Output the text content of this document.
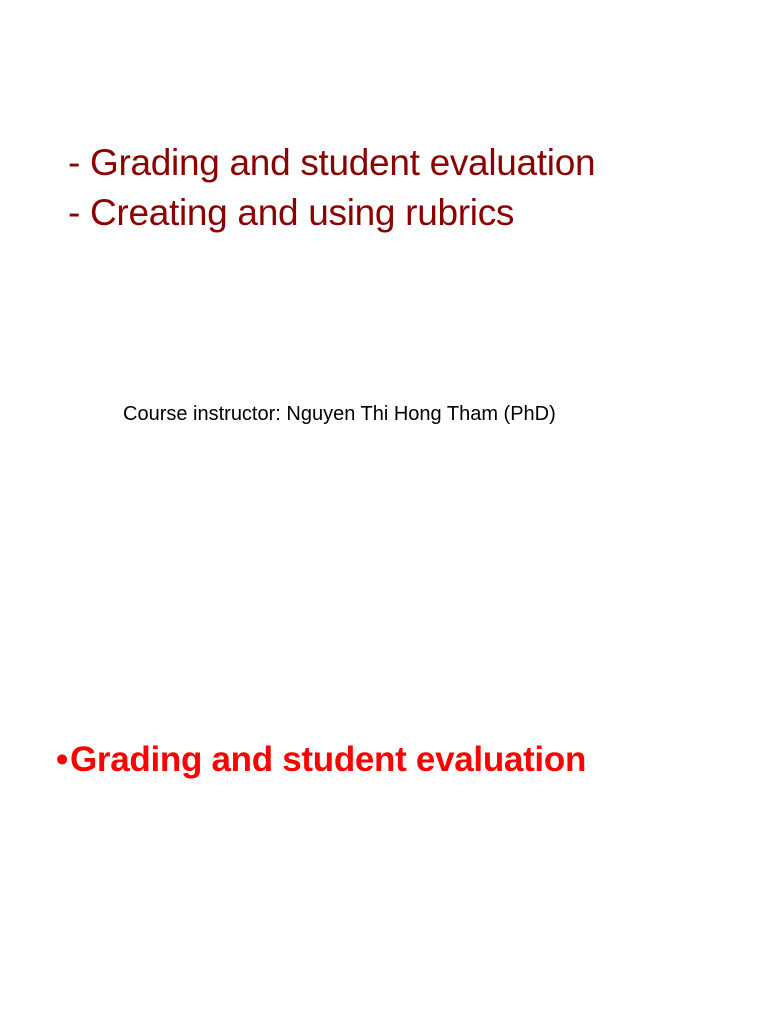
- Grading and student evaluation
- Creating and using rubrics
Course instructor: Nguyen Thi Hong Tham (PhD)
•Grading and student evaluation
